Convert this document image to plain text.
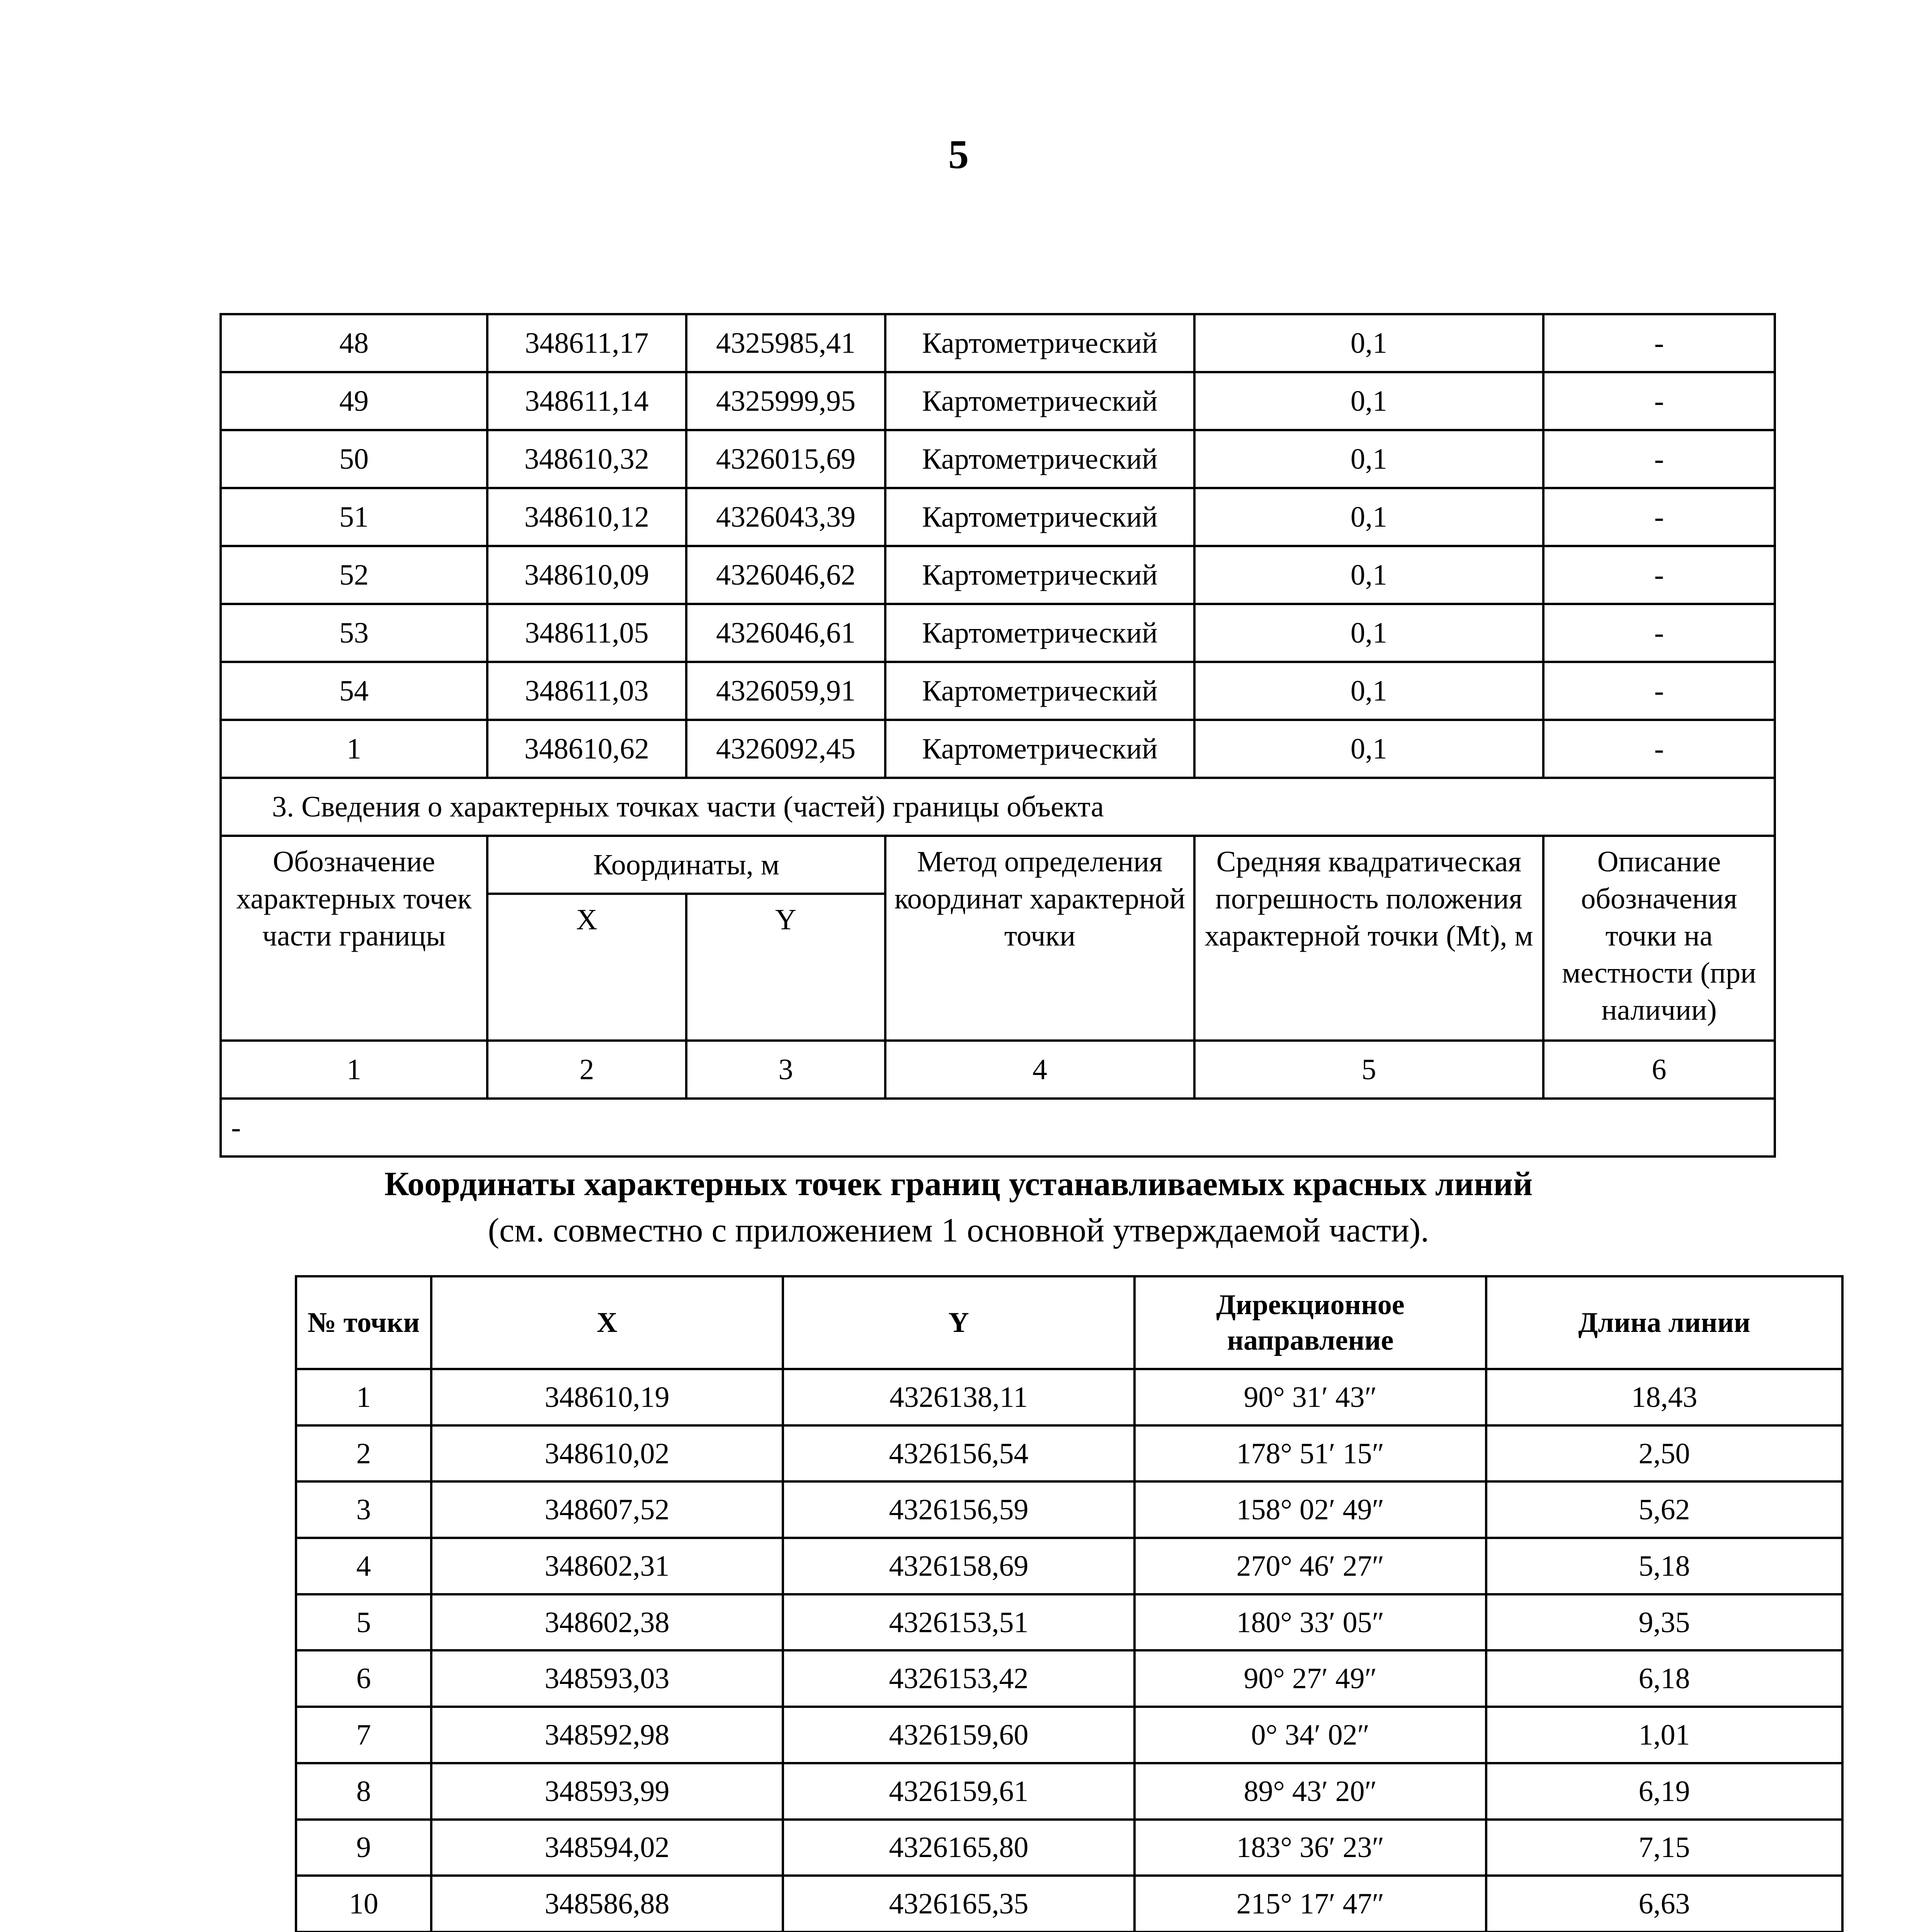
5
48	348611,17	4325985,41	Картометрический	0,1	-
49	348611,14	4325999,95	Картометрический	0,1	-
50	348610,32	4326015,69	Картометрический	0,1	-
51	348610,12	4326043,39	Картометрический	0,1	-
52	348610,09	4326046,62	Картометрический	0,1	-
53	348611,05	4326046,61	Картометрический	0,1	-
54	348611,03	4326059,91	Картометрический	0,1	-
1	348610,62	4326092,45	Картометрический	0,1	-
3. Сведения о характерных точках части (частей) границы объекта					
Обозначение характерных точек части границы	Координаты, м		Метод определения координат характерной точки	Средняя квадратическая погрешность положения характерной точки (Mt), м	Описание обозначения точки на местности (при наличии)
	X	Y			
1	2	3	4	5	6
-					
Координаты характерных точек границ устанавливаемых красных линий
(см. совместно с приложением 1 основной утверждаемой части).
№ точки	X	Y	Дирекционное направление	Длина линии
1	348610,19	4326138,11	90° 31′ 43″	18,43
2	348610,02	4326156,54	178° 51′ 15″	2,50
3	348607,52	4326156,59	158° 02′ 49″	5,62
4	348602,31	4326158,69	270° 46′ 27″	5,18
5	348602,38	4326153,51	180° 33′ 05″	9,35
6	348593,03	4326153,42	90° 27′ 49″	6,18
7	348592,98	4326159,60	0° 34′ 02″	1,01
8	348593,99	4326159,61	89° 43′ 20″	6,19
9	348594,02	4326165,80	183° 36′ 23″	7,15
10	348586,88	4326165,35	215° 17′ 47″	6,63
